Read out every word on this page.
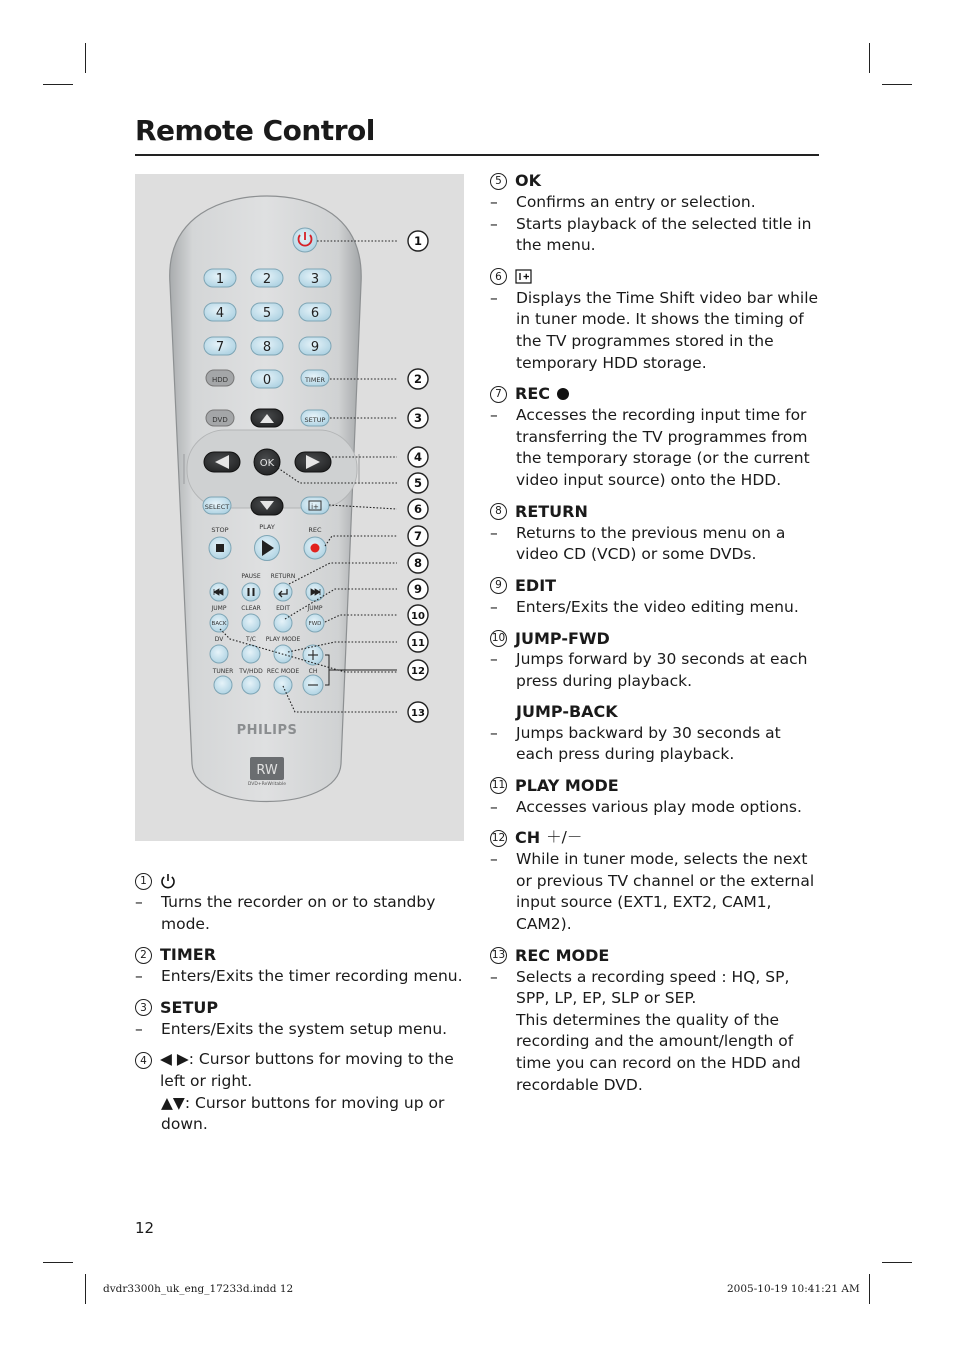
Remote Control
1	2	3
4	5	6
7	8	9
0
HDD	TIMER
DVD	SETUP
OK
SELECT	i+
STOP	PLAY	REC
PAUSE RETURN
JUMP CLEAR	EDIT	JUMP
BACK	FWD
DV	T/C PLAY MODE
TUNER TV/HDD REC MODE CH
PHILIPS
RW
DVD+ReWritable
1
2
3
4
5
6
7
8
9
10
11
12
13
1
–	Turns the recorder on or to standby mode.
2 TIMER
–	Enters/Exits the timer recording menu.
3 SETUP
–	Enters/Exits the system setup menu.
4 ◀ ▶: Cursor buttons for moving to the left or right.
▲▼: Cursor buttons for moving up or down.
5 OK
–	Confirms an entry or selection.
–	Starts playback of the selected title in the menu.
6
–	Displays the Time Shift video bar while in tuner mode. It shows the timing of the TV programmes stored in the temporary HDD storage.
7 REC
–	Accesses the recording input time for transferring the TV programmes from the temporary storage (or the current video input source) onto the HDD.
8 RETURN
–	Returns to the previous menu on a video CD (VCD) or some DVDs.
9 EDIT
–	Enters/Exits the video editing menu.
10 JUMP-FWD
–	Jumps forward by 30 seconds at each press during playback.
JUMP-BACK
–	Jumps backward by 30 seconds at each press during playback.
11 PLAY MODE
–	Accesses various play mode options.
12 CH ＋/－
–	While in tuner mode, selects the next or previous TV channel or the external input source (EXT1, EXT2, CAM1, CAM2).
13 REC MODE
–	Selects a recording speed : HQ, SP, SPP, LP, EP, SLP or SEP.
This determines the quality of the recording and the amount/length of time you can record on the HDD and recordable DVD.
12
dvdr3300h_uk_eng_17233d.indd 12	2005-10-19 10:41:21 AM
